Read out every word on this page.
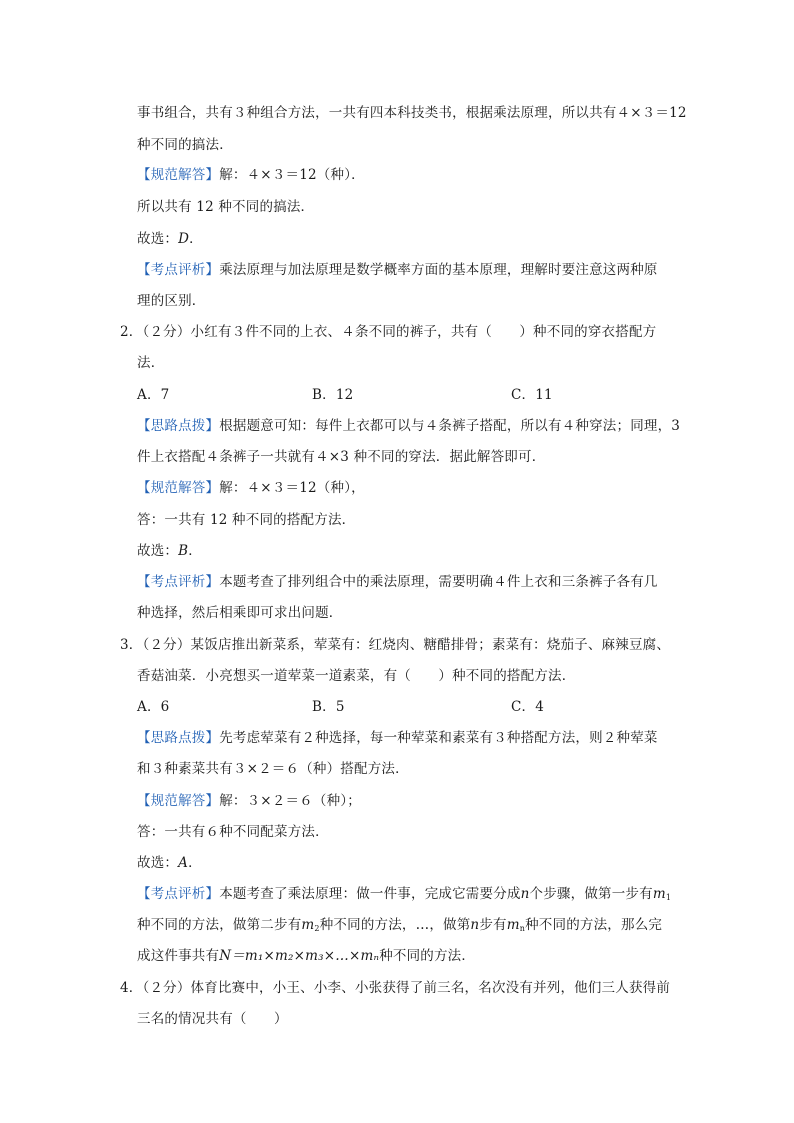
事书组合，共有３种组合方法，一共有四本科技类书，根据乘法原理，所以共有４×３＝12
种不同的搞法．
【规范解答】解：４×３＝12（种）．
所以共有 12 种不同的搞法．
故选：D．
【考点评析】乘法原理与加法原理是数学概率方面的基本原理，理解时要注意这两种原
理的区别．
2．（２分）小红有３件不同的上衣、４条不同的裤子，共有（　　）种不同的穿衣搭配方
法．
A．7	B．12	C．11
【思路点拨】根据题意可知：每件上衣都可以与４条裤子搭配，所以有４种穿法；同理，3
件上衣搭配４条裤子一共就有４×3 种不同的穿法．据此解答即可．
【规范解答】解：４×３＝12（种），
答：一共有 12 种不同的搭配方法．
故选：B．
【考点评析】本题考查了排列组合中的乘法原理，需要明确４件上衣和三条裤子各有几
种选择，然后相乘即可求出问题．
3．（２分）某饭店推出新菜系，荤菜有：红烧肉、糖醋排骨；素菜有：烧茄子、麻辣豆腐、
香菇油菜．小亮想买一道荤菜一道素菜，有（　　）种不同的搭配方法．
A．6	B．5	C．4
【思路点拨】先考虑荤菜有２种选择，每一种荤菜和素菜有３种搭配方法，则２种荤菜
和３种素菜共有３×２＝６（种）搭配方法．
【规范解答】解：３×２＝６（种）；
答：一共有６种不同配菜方法．
故选：A．
【考点评析】本题考查了乘法原理：做一件事，完成它需要分成n个步骤，做第一步有$m_1$
种不同的方法，做第二步有$m_2$种不同的方法，…，做第n步有$m_n$种不同的方法，那么完
成这件事共有N＝m₁×m₂×m₃×…×mₙ种不同的方法．
4．（２分）体育比赛中，小王、小李、小张获得了前三名，名次没有并列，他们三人获得前
三名的情况共有（　　）
